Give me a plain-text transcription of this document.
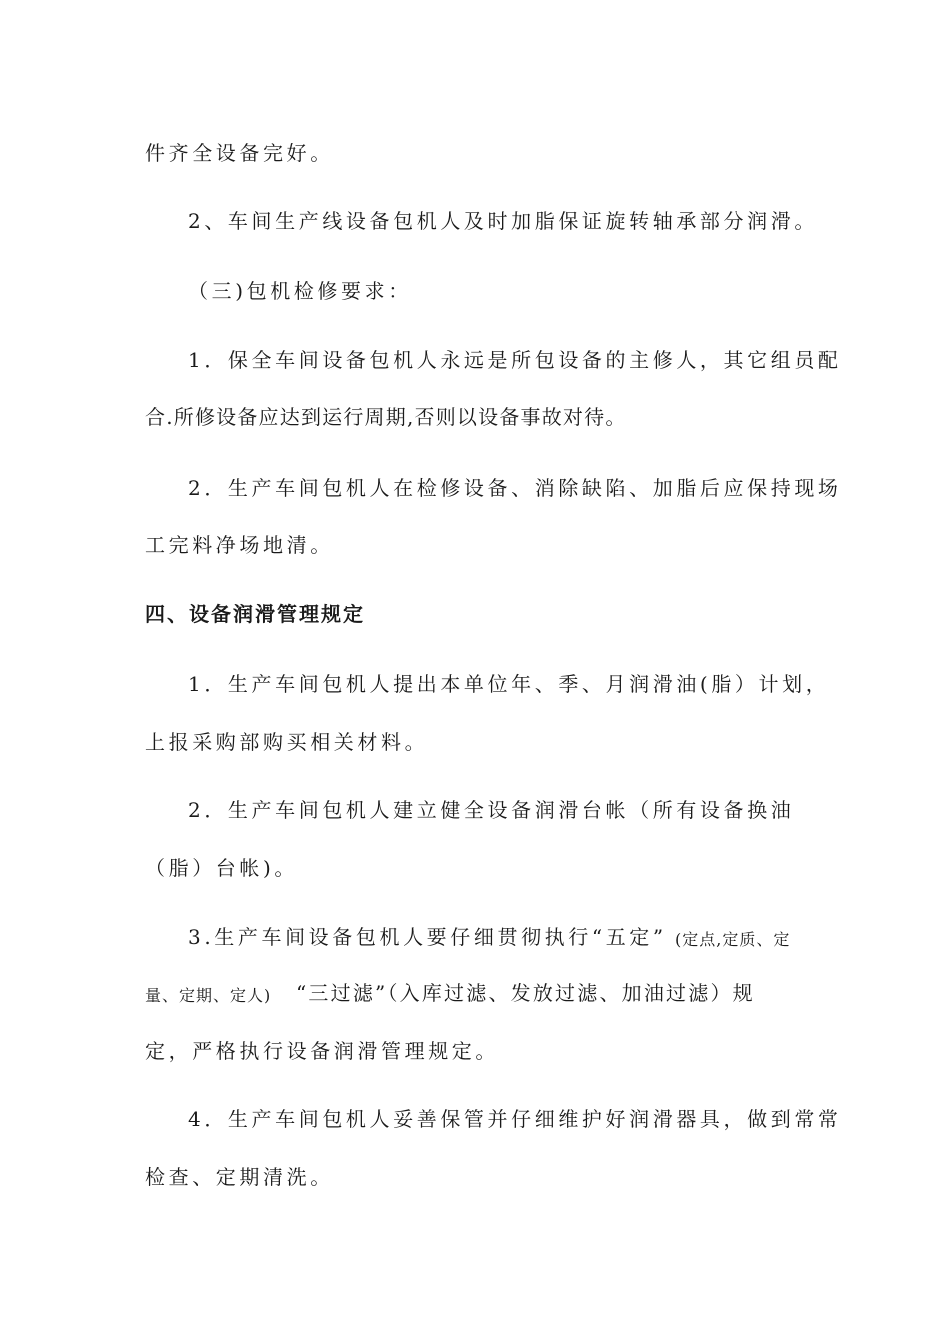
件齐全设备完好。
2、车间生产线设备包机人及时加脂保证旋转轴承部分润滑。
（三)包机检修要求：
1．保全车间设备包机人永远是所包设备的主修人，其它组员配
合.所修设备应达到运行周期,否则以设备事故对待。
2．生产车间包机人在检修设备、消除缺陷、加脂后应保持现场
工完料净场地清。
四、设备润滑管理规定
1．生产车间包机人提出本单位年、季、月润滑油(脂）计划，
上报采购部购买相关材料。
2．生产车间包机人建立健全设备润滑台帐（所有设备换油
（脂）台帐)。
3.生产车间设备包机人要仔细贯彻执行“五定” (定点,定质、定
量、定期、定人)	“三过滤”（入库过滤、发放过滤、加油过滤）规
定，严格执行设备润滑管理规定。
4．生产车间包机人妥善保管并仔细维护好润滑器具，做到常常
检查、定期清洗。
